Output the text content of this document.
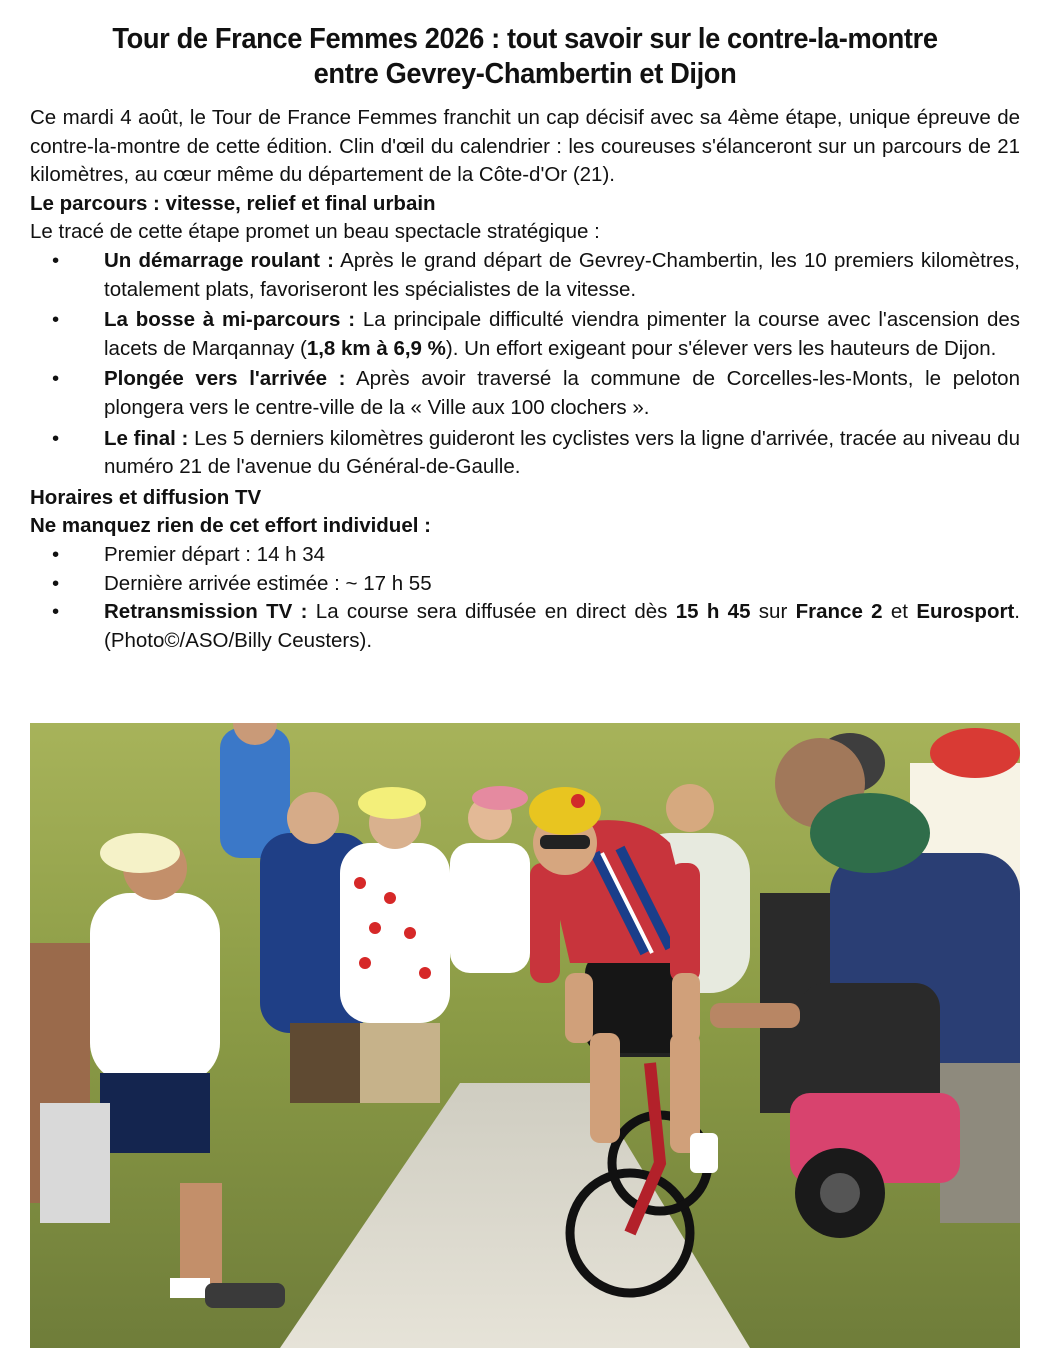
Tour de France Femmes 2026 : tout savoir sur le contre-la-montre
entre Gevrey-Chambertin et Dijon

Ce mardi 4 août, le Tour de France Femmes franchit un cap décisif avec sa 4ème étape, unique épreuve de contre-la-montre de cette édition. Clin d'œil du calendrier : les coureuses s'élanceront sur un parcours de 21 kilomètres, au cœur même du département de la Côte-d'Or (21).

Le parcours : vitesse, relief et final urbain
Le tracé de cette étape promet un beau spectacle stratégique :
• Un démarrage roulant : Après le grand départ de Gevrey-Chambertin, les 10 premiers kilomètres, totalement plats, favoriseront les spécialistes de la vitesse.
• La bosse à mi-parcours : La principale difficulté viendra pimenter la course avec l'ascension des lacets de Marqannay (1,8 km à 6,9 %). Un effort exigeant pour s'élever vers les hauteurs de Dijon.
• Plongée vers l'arrivée : Après avoir traversé la commune de Corcelles-les-Monts, le peloton plongera vers le centre-ville de la « Ville aux 100 clochers ».
• Le final : Les 5 derniers kilomètres guideront les cyclistes vers la ligne d'arrivée, tracée au niveau du numéro 21 de l'avenue du Général-de-Gaulle.
Horaires et diffusion TV
Ne manquez rien de cet effort individuel :
• Premier départ : 14 h 34
• Dernière arrivée estimée : ~ 17 h 55
• Retransmission TV : La course sera diffusée en direct dès 15 h 45 sur France 2 et Eurosport. (Photo©/ASO/Billy Ceusters).
